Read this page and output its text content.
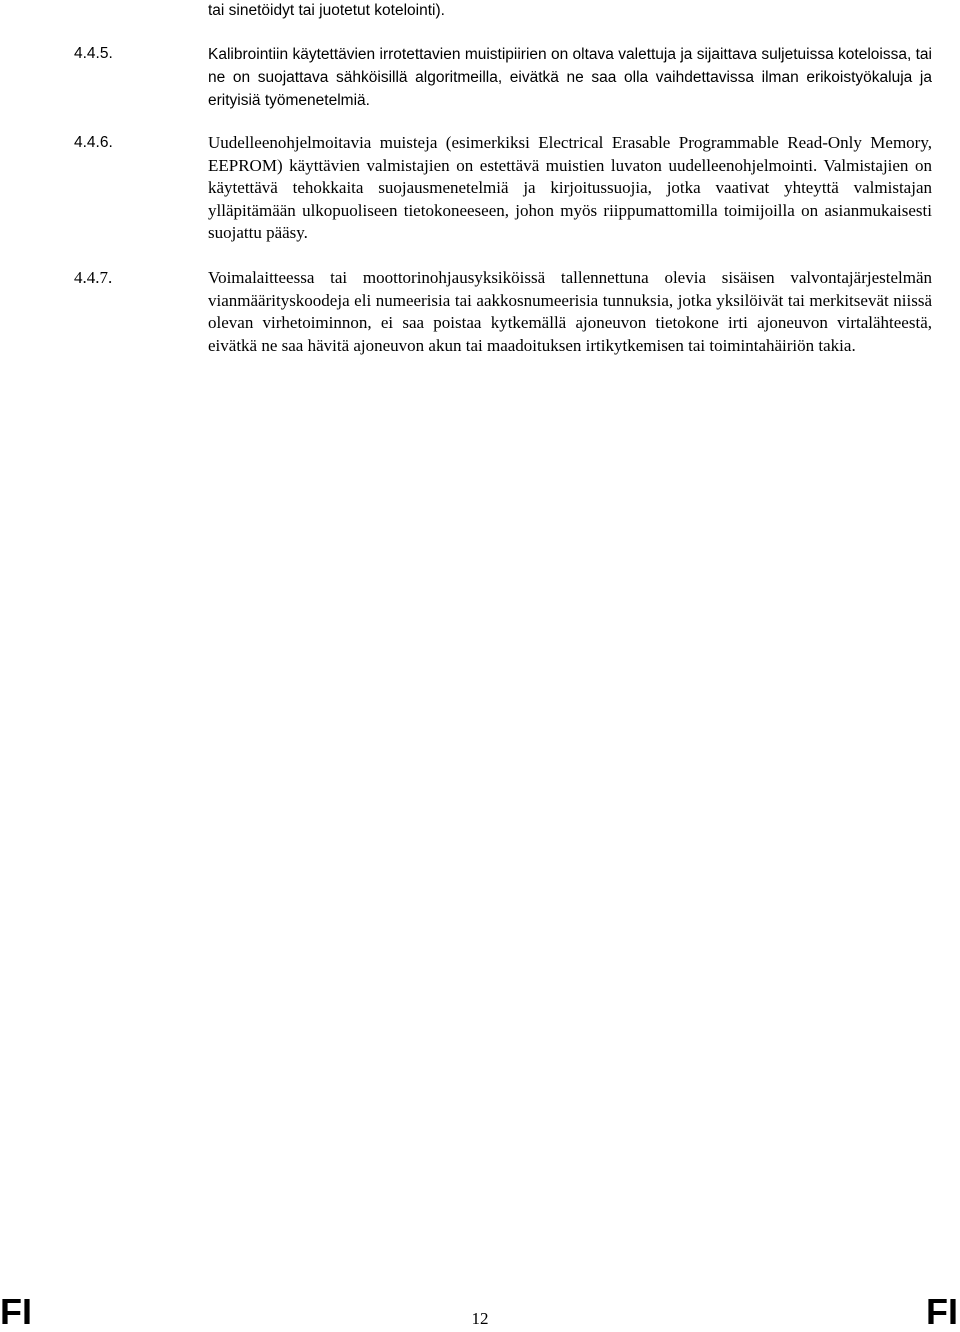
tai sinetöidyt tai juotetut kotelointi).
4.4.5.	Kalibrointiin käytettävien irrotettavien muistipiirien on oltava valettuja ja sijaittava suljetuissa koteloissa, tai ne on suojattava sähköisillä algoritmeilla, eivätkä ne saa olla vaihdettavissa ilman erikoistyökaluja ja erityisiä työmenetelmiä.
4.4.6.	Uudelleenohjelmoitavia muisteja (esimerkiksi Electrical Erasable Programmable Read-Only Memory, EEPROM) käyttävien valmistajien on estettävä muistien luvaton uudelleenohjelmointi. Valmistajien on käytettävä tehokkaita suojausmenetelmiä ja kirjoitussuojia, jotka vaativat yhteyttä valmistajan ylläpitämään ulkopuoliseen tietokoneeseen, johon myös riippumattomilla toimijoilla on asianmukaisesti suojattu pääsy.
4.4.7.	Voimalaitteessa tai moottorinohjausyksiköissä tallennettuna olevia sisäisen valvontajärjestelmän vianmäärityskoodeja eli numeerisia tai aakkosnumeerisia tunnuksia, jotka yksilöivät tai merkitsevät niissä olevan virhetoiminnon, ei saa poistaa kytkemällä ajoneuvon tietokone irti ajoneuvon virtalähteestä, eivätkä ne saa hävitä ajoneuvon akun tai maadoituksen irtikytkemisen tai toimintahäiriön takia.
FI	12	FI
